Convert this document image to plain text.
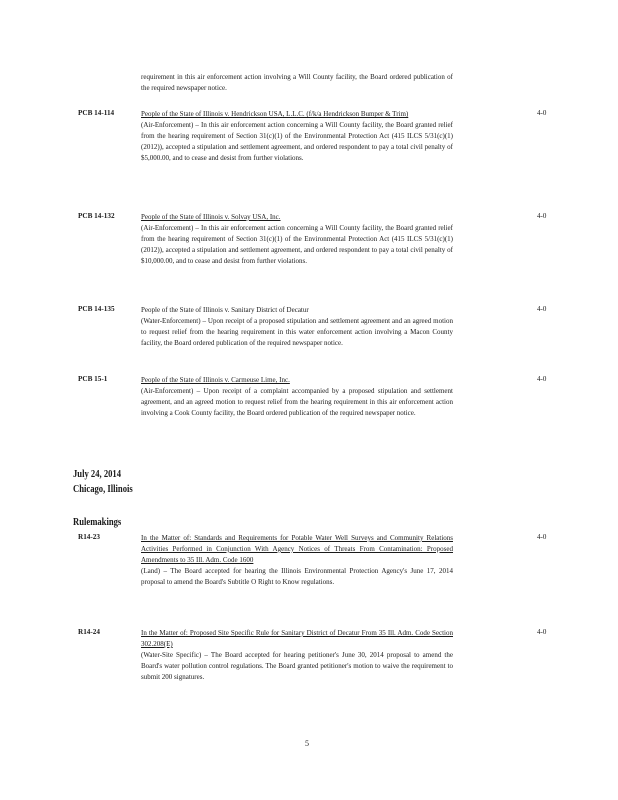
requirement in this air enforcement action involving a Will County facility, the Board ordered publication of the required newspaper notice.
PCB 14-114	People of the State of Illinois v. Hendrickson USA, L.L.C. (f/k/a Hendrickson Bumper & Trim)
(Air-Enforcement) – In this air enforcement action concerning a Will County facility, the Board granted relief from the hearing requirement of Section 31(c)(1) of the Environmental Protection Act (415 ILCS 5/31(c)(1) (2012)), accepted a stipulation and settlement agreement, and ordered respondent to pay a total civil penalty of $5,000.00, and to cease and desist from further violations.
4-0
PCB 14-132	People of the State of Illinois v. Solvay USA, Inc.
(Air-Enforcement) – In this air enforcement action concerning a Will County facility, the Board granted relief from the hearing requirement of Section 31(c)(1) of the Environmental Protection Act (415 ILCS 5/31(c)(1) (2012)), accepted a stipulation and settlement agreement, and ordered respondent to pay a total civil penalty of $10,000.00, and to cease and desist from further violations.
4-0
PCB 14-135	People of the State of Illinois v. Sanitary District of Decatur
(Water-Enforcement) – Upon receipt of a proposed stipulation and settlement agreement and an agreed motion to request relief from the hearing requirement in this water enforcement action involving a Macon County facility, the Board ordered publication of the required newspaper notice.
4-0
PCB 15-1	People of the State of Illinois v. Carmeuse Lime, Inc.
(Air-Enforcement) – Upon receipt of a complaint accompanied by a proposed stipulation and settlement agreement, and an agreed motion to request relief from the hearing requirement in this air enforcement action involving a Cook County facility, the Board ordered publication of the required newspaper notice.
4-0
July 24, 2014
Chicago, Illinois
Rulemakings
R14-23	In the Matter of: Standards and Requirements for Potable Water Well Surveys and Community Relations Activities Performed in Conjunction With Agency Notices of Threats From Contamination: Proposed Amendments to 35 Ill. Adm. Code 1600
(Land) – The Board accepted for hearing the Illinois Environmental Protection Agency's June 17, 2014 proposal to amend the Board's Subtitle O Right to Know regulations.
4-0
R14-24	In the Matter of: Proposed Site Specific Rule for Sanitary District of Decatur From 35 Ill. Adm. Code Section 302.208(E)
(Water-Site Specific) – The Board accepted for hearing petitioner's June 30, 2014 proposal to amend the Board's water pollution control regulations. The Board granted petitioner's motion to waive the requirement to submit 200 signatures.
4-0
5
